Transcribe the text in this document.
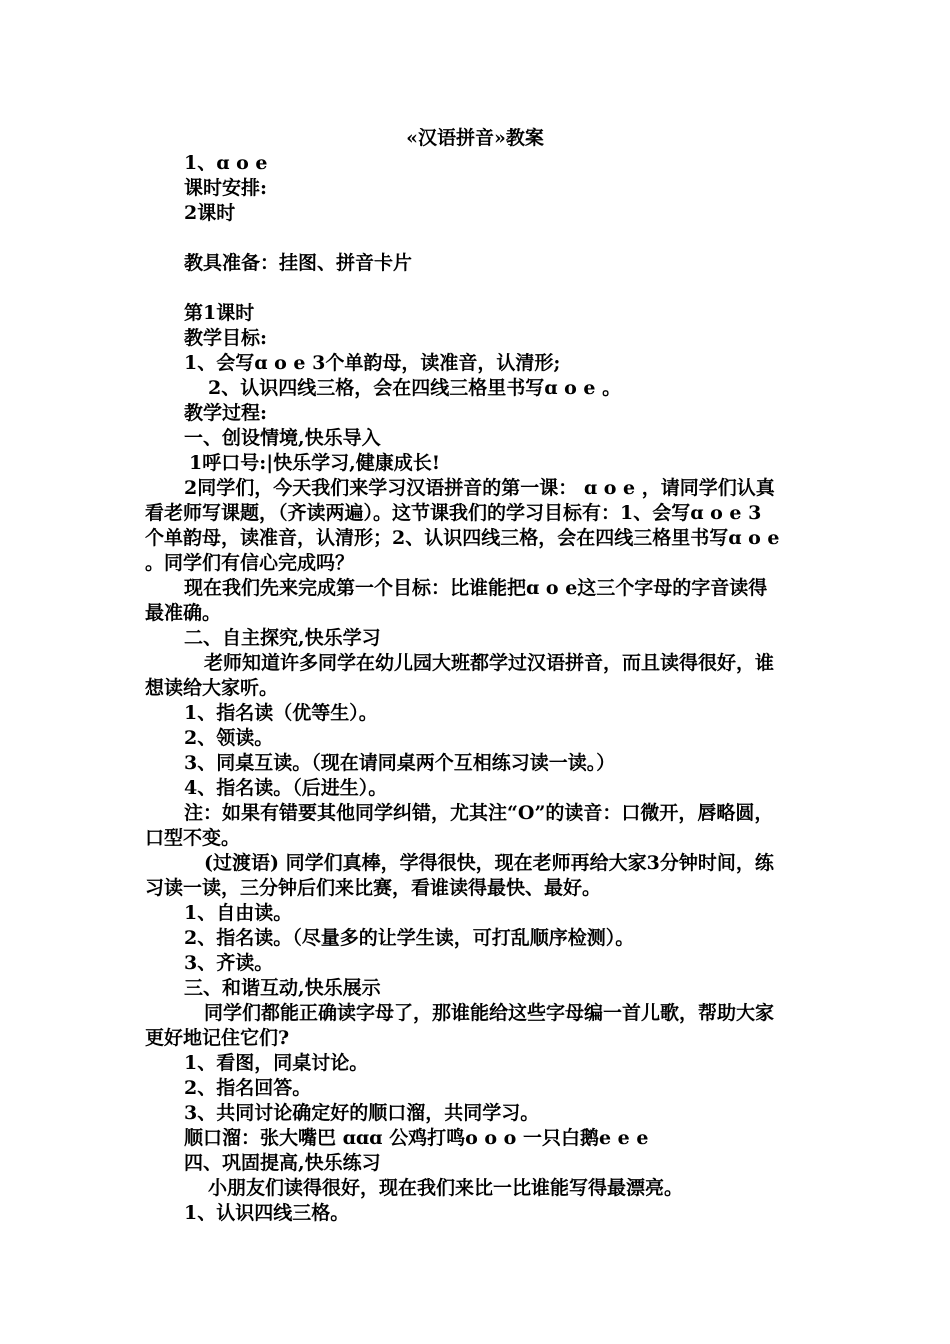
«汉语拼音»教案
1、ɑ o e
课时安排:
2课时
教具准备：挂图、拼音卡片
第1课时
教学目标:
1、会写ɑ o e 3个单韵母，读准音，认清形;
2、认识四线三格，会在四线三格里书写ɑ o e 。
教学过程:
一、创设情境,快乐导入
1呼口号:|快乐学习,健康成长!
2同学们，今天我们来学习汉语拼音的第一课： ɑ o e ，请同学们认真
看老师写课题，（齐读两遍）。这节课我们的学习目标有：1、会写ɑ o e 3
个单韵母，读准音，认清形；2、认识四线三格，会在四线三格里书写ɑ o e
。同学们有信心完成吗？
现在我们先来完成第一个目标：比谁能把ɑ o e这三个字母的字音读得
最准确。
二、自主探究,快乐学习
老师知道许多同学在幼儿园大班都学过汉语拼音，而且读得很好，谁
想读给大家听。
1、指名读（优等生）。
2、领读。
3、同桌互读。（现在请同桌两个互相练习读一读。）
4、指名读。（后进生）。
注：如果有错要其他同学纠错，尤其注“O”的读音：口微开，唇略圆，
口型不变。
(过渡语) 同学们真棒，学得很快，现在老师再给大家3分钟时间，练
习读一读，三分钟后们来比赛，看谁读得最快、最好。
1、自由读。
2、指名读。（尽量多的让学生读，可打乱顺序检测）。
3、齐读。
三、和谐互动,快乐展示
同学们都能正确读字母了，那谁能给这些字母编一首儿歌，帮助大家
更好地记住它们?
1、看图，同桌讨论。
2、指名回答。
3、共同讨论确定好的顺口溜，共同学习。
顺口溜：张大嘴巴 ɑɑɑ 公鸡打鸣o o o 一只白鹅e e e
四、巩固提高,快乐练习
小朋友们读得很好，现在我们来比一比谁能写得最漂亮。
1、认识四线三格。
